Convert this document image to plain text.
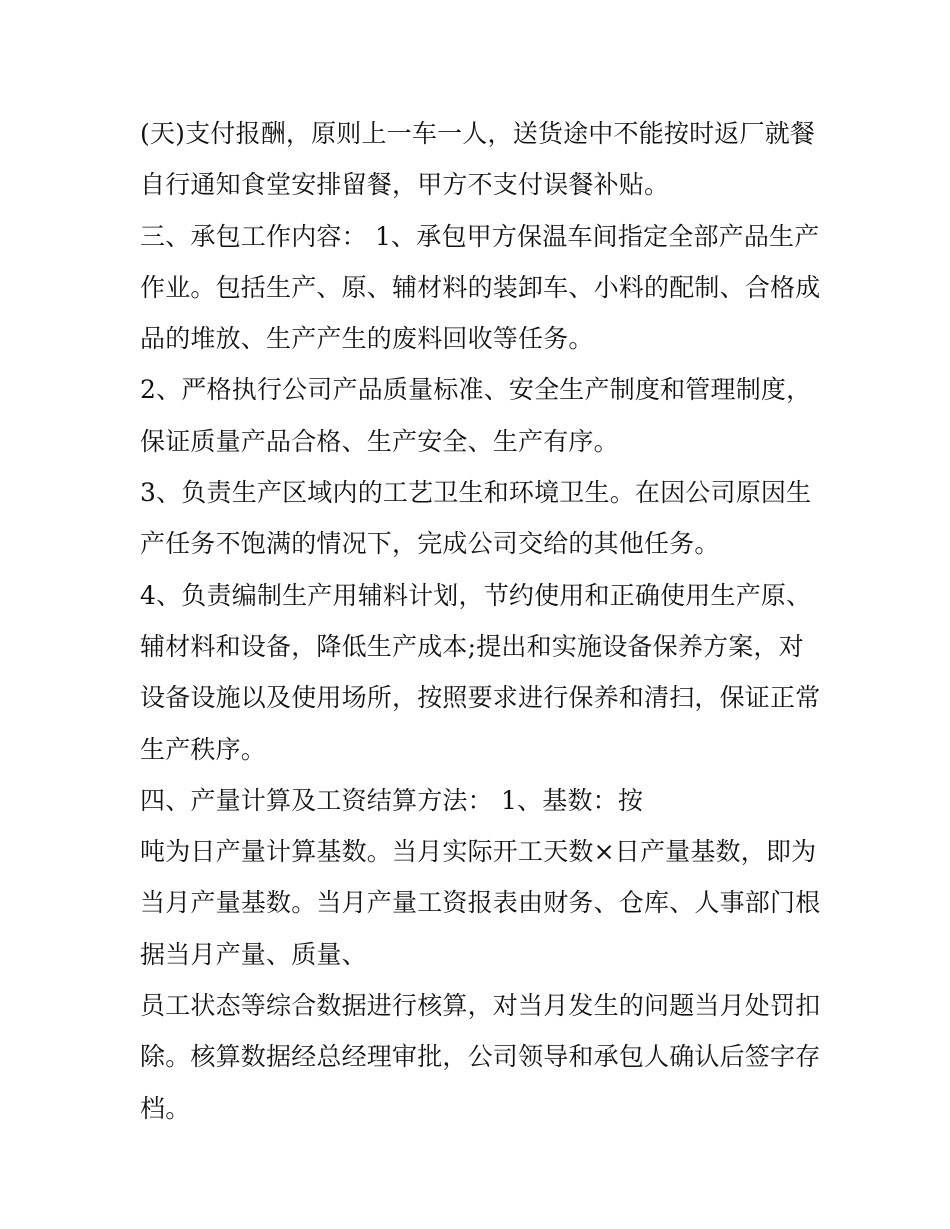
(天)支付报酬，原则上一车一人，送货途中不能按时返厂就餐
自行通知食堂安排留餐，甲方不支付误餐补贴。
三、承包工作内容： 1、承包甲方保温车间指定全部产品生产
作业。包括生产、原、辅材料的装卸车、小料的配制、合格成
品的堆放、生产产生的废料回收等任务。
2、严格执行公司产品质量标准、安全生产制度和管理制度，
保证质量产品合格、生产安全、生产有序。
3、负责生产区域内的工艺卫生和环境卫生。在因公司原因生
产任务不饱满的情况下，完成公司交给的其他任务。
4、负责编制生产用辅料计划，节约使用和正确使用生产原、
辅材料和设备，降低生产成本;提出和实施设备保养方案，对
设备设施以及使用场所，按照要求进行保养和清扫，保证正常
生产秩序。
四、产量计算及工资结算方法： 1、基数：按
吨为日产量计算基数。当月实际开工天数×日产量基数，即为
当月产量基数。当月产量工资报表由财务、仓库、人事部门根
据当月产量、质量、
员工状态等综合数据进行核算，对当月发生的问题当月处罚扣
除。核算数据经总经理审批，公司领导和承包人确认后签字存
档。
